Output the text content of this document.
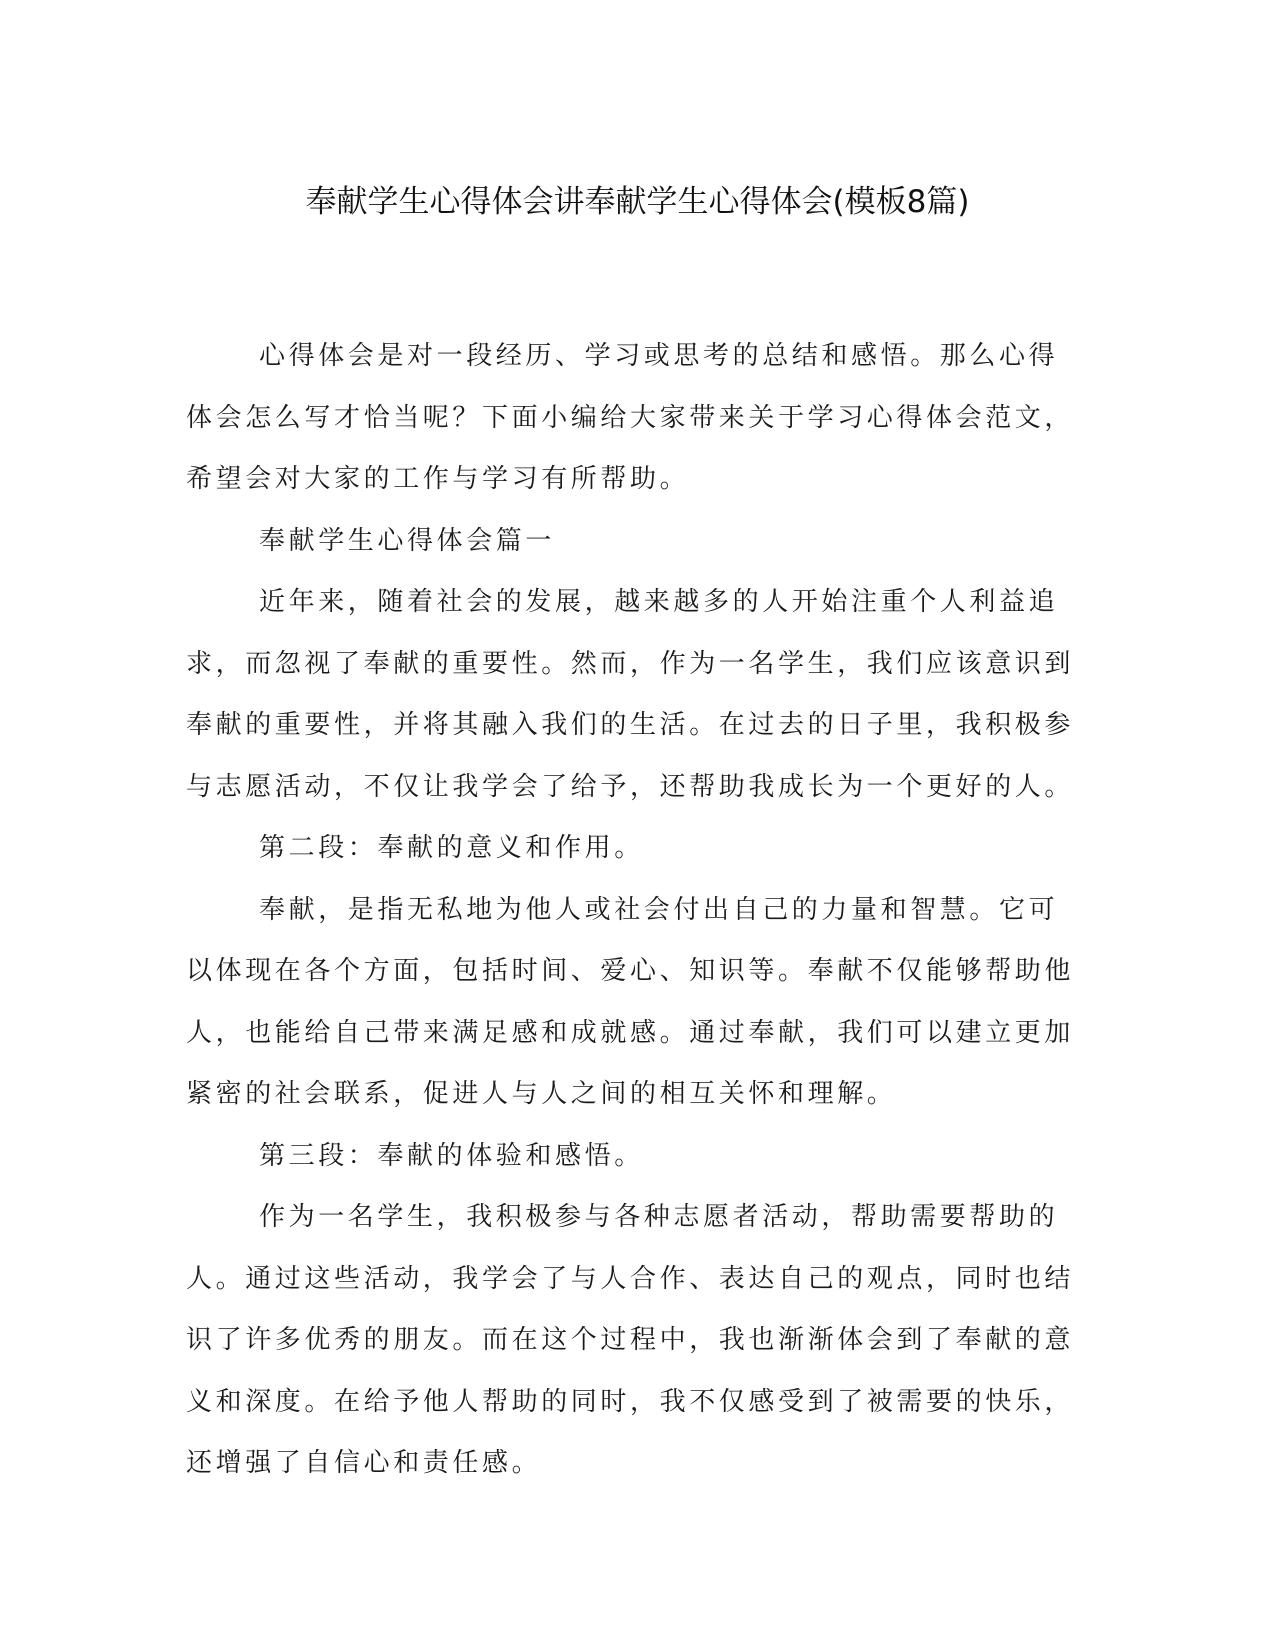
奉献学生心得体会讲奉献学生心得体会(模板8篇)

心得体会是对一段经历、学习或思考的总结和感悟。那么心得体会怎么写才恰当呢？下面小编给大家带来关于学习心得体会范文，希望会对大家的工作与学习有所帮助。

奉献学生心得体会篇一

近年来，随着社会的发展，越来越多的人开始注重个人利益追求，而忽视了奉献的重要性。然而，作为一名学生，我们应该意识到奉献的重要性，并将其融入我们的生活。在过去的日子里，我积极参与志愿活动，不仅让我学会了给予，还帮助我成长为一个更好的人。

第二段：奉献的意义和作用。

奉献，是指无私地为他人或社会付出自己的力量和智慧。它可以体现在各个方面，包括时间、爱心、知识等。奉献不仅能够帮助他人，也能给自己带来满足感和成就感。通过奉献，我们可以建立更加紧密的社会联系，促进人与人之间的相互关怀和理解。

第三段：奉献的体验和感悟。

作为一名学生，我积极参与各种志愿者活动，帮助需要帮助的人。通过这些活动，我学会了与人合作、表达自己的观点，同时也结识了许多优秀的朋友。而在这个过程中，我也渐渐体会到了奉献的意义和深度。在给予他人帮助的同时，我不仅感受到了被需要的快乐，还增强了自信心和责任感。
